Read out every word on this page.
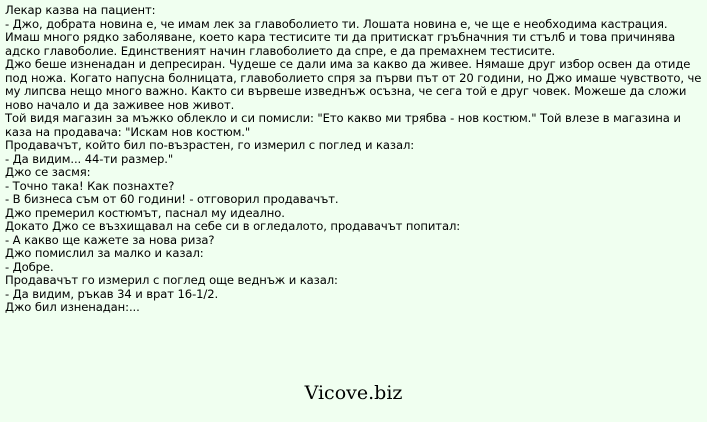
Лекар казва на пациент:

- Джо, добрата новина е, че имам лек за главоболието ти. Лошата новина е, че ще е необходима кастрация. Имаш много рядко заболяване, което кара тестисите ти да притискат гръбначния ти стълб и това причинява адско главоболие. Единственият начин главоболието да спре, е да премахнем тестисите.

Джо беше изненадан и депресиран. Чудеше се дали има за какво да живее. Нямаше друг избор освен да отиде под ножа. Когато напусна болницата, главоболието спря за първи път от 20 години, но Джо имаше чувството, че му липсва нещо много важно. Както си вървеше изведнъж осъзна, че сега той е друг човек. Можеше да сложи ново начало и да заживее нов живот.

Той видя магазин за мъжко облекло и си помисли: "Ето какво ми трябва - нов костюм." Той влезе в магазина и каза на продавача: "Искам нов костюм."

Продавачът, който бил по-възрастен, го измерил с поглед и казал:

- Да видим... 44-ти размер."

Джо се засмя:

- Точно така! Как познахте?

- В бизнеса съм от 60 години! - отговорил продавачът.

Джо премерил костюмът, паснал му идеално.

Докато Джо се възхищавал на себе си в огледалото, продавачът попитал:

- А какво ще кажете за нова риза?

Джо помислил за малко и казал:

- Добре.

Продавачът го измерил с поглед още веднъж и казал:

- Да видим, ръкав 34 и врат 16-1/2.

Джо бил изненадан:...

Vicove.biz
